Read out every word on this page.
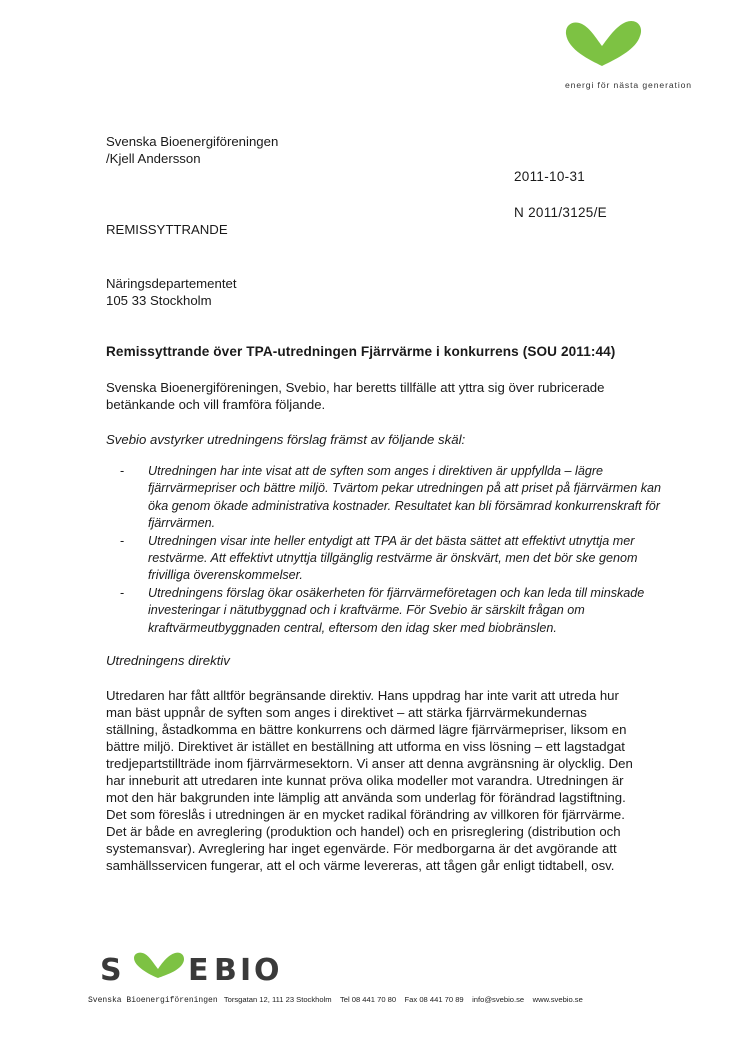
energi för nästa generation
Svenska Bioenergiföreningen
/Kjell Andersson
2011-10-31
N 2011/3125/E
REMISSYTTRANDE
Näringsdepartementet
105 33 Stockholm
Remissyttrande över TPA-utredningen Fjärrvärme i konkurrens (SOU 2011:44)
Svenska Bioenergiföreningen, Svebio, har beretts tillfälle att yttra sig över rubricerade betänkande och vill framföra följande.
Svebio avstyrker utredningens förslag främst av följande skäl:
- Utredningen har inte visat att de syften som anges i direktiven är uppfyllda – lägre fjärrvärmepriser och bättre miljö. Tvärtom pekar utredningen på att priset på fjärrvärmen kan öka genom ökade administrativa kostnader. Resultatet kan bli försämrad konkurrenskraft för fjärrvärmen.
- Utredningen visar inte heller entydigt att TPA är det bästa sättet att effektivt utnyttja mer restvärme. Att effektivt utnyttja tillgänglig restvärme är önskvärt, men det bör ske genom frivilliga överenskommelser.
- Utredningens förslag ökar osäkerheten för fjärrvärmeföretagen och kan leda till minskade investeringar i nätutbyggnad och i kraftvärme. För Svebio är särskilt frågan om kraftvärmeutbyggnaden central, eftersom den idag sker med biobränslen.
Utredningens direktiv
Utredaren har fått alltför begränsande direktiv. Hans uppdrag har inte varit att utreda hur man bäst uppnår de syften som anges i direktivet – att stärka fjärrvärmekundernas ställning, åstadkomma en bättre konkurrens och därmed lägre fjärrvärmepriser, liksom en bättre miljö. Direktivet är istället en beställning att utforma en viss lösning – ett lagstadgat tredjepartstillträde inom fjärrvärmesektorn. Vi anser att denna avgränsning är olycklig. Den har inneburit att utredaren inte kunnat pröva olika modeller mot varandra. Utredningen är mot den här bakgrunden inte lämplig att använda som underlag för förändrad lagstiftning. Det som föreslås i utredningen är en mycket radikal förändring av villkoren för fjärrvärme. Det är både en avreglering (produktion och handel) och en prisreglering (distribution och systemansvar). Avreglering har inget egenvärde. För medborgarna är det avgörande att samhällsservicen fungerar, att el och värme levereras, att tågen går enligt tidtabell, osv.
S E B I O
Svenska Bioenergiföreningen Torsgatan 12, 111 23 Stockholm Tel 08 441 70 80 Fax 08 441 70 89 info@svebio.se www.svebio.se
